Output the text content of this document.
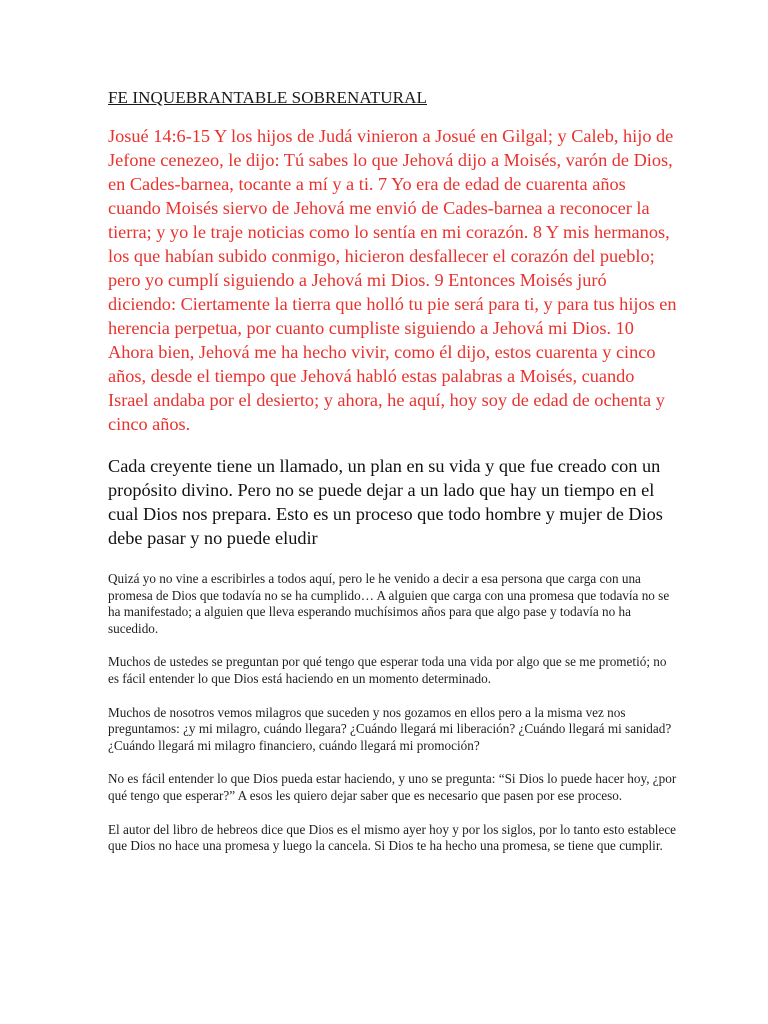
FE INQUEBRANTABLE SOBRENATURAL

Josué 14:6-15 Y los hijos de Judá vinieron a Josué en Gilgal; y Caleb, hijo de Jefone cenezeo, le dijo: Tú sabes lo que Jehová dijo a Moisés, varón de Dios, en Cades-barnea, tocante a mí y a ti. 7 Yo era de edad de cuarenta años cuando Moisés siervo de Jehová me envió de Cades-barnea a reconocer la tierra; y yo le traje noticias como lo sentía en mi corazón. 8 Y mis hermanos, los que habían subido conmigo, hicieron desfallecer el corazón del pueblo; pero yo cumplí siguiendo a Jehová mi Dios. 9 Entonces Moisés juró diciendo: Ciertamente la tierra que holló tu pie será para ti, y para tus hijos en herencia perpetua, por cuanto cumpliste siguiendo a Jehová mi Dios. 10 Ahora bien, Jehová me ha hecho vivir, como él dijo, estos cuarenta y cinco años, desde el tiempo que Jehová habló estas palabras a Moisés, cuando Israel andaba por el desierto; y ahora, he aquí, hoy soy de edad de ochenta y cinco años.

Cada creyente tiene un llamado, un plan en su vida y que fue creado con un propósito divino. Pero no se puede dejar a un lado que hay un tiempo en el cual Dios nos prepara. Esto es un proceso que todo hombre y mujer de Dios debe pasar y no puede eludir

Quizá yo no vine a escribirles a todos aquí, pero le he venido a decir a esa persona que carga con una promesa de Dios que todavía no se ha cumplido… A alguien que carga con una promesa que todavía no se ha manifestado; a alguien que lleva esperando muchísimos años para que algo pase y todavía no ha sucedido.

Muchos de ustedes se preguntan por qué tengo que esperar toda una vida por algo que se me prometió; no es fácil entender lo que Dios está haciendo en un momento determinado.

Muchos de nosotros vemos milagros que suceden y nos gozamos en ellos pero a la misma vez nos preguntamos: ¿y mi milagro, cuándo llegara? ¿Cuándo llegará mi liberación? ¿Cuándo llegará mi sanidad? ¿Cuándo llegará mi milagro financiero, cuándo llegará mi promoción?

No es fácil entender lo que Dios pueda estar haciendo, y uno se pregunta: “Si Dios lo puede hacer hoy, ¿por qué tengo que esperar?” A esos les quiero dejar saber que es necesario que pasen por ese proceso.

El autor del libro de hebreos dice que Dios es el mismo ayer hoy y por los siglos, por lo tanto esto establece que Dios no hace una promesa y luego la cancela. Si Dios te ha hecho una promesa, se tiene que cumplir.
